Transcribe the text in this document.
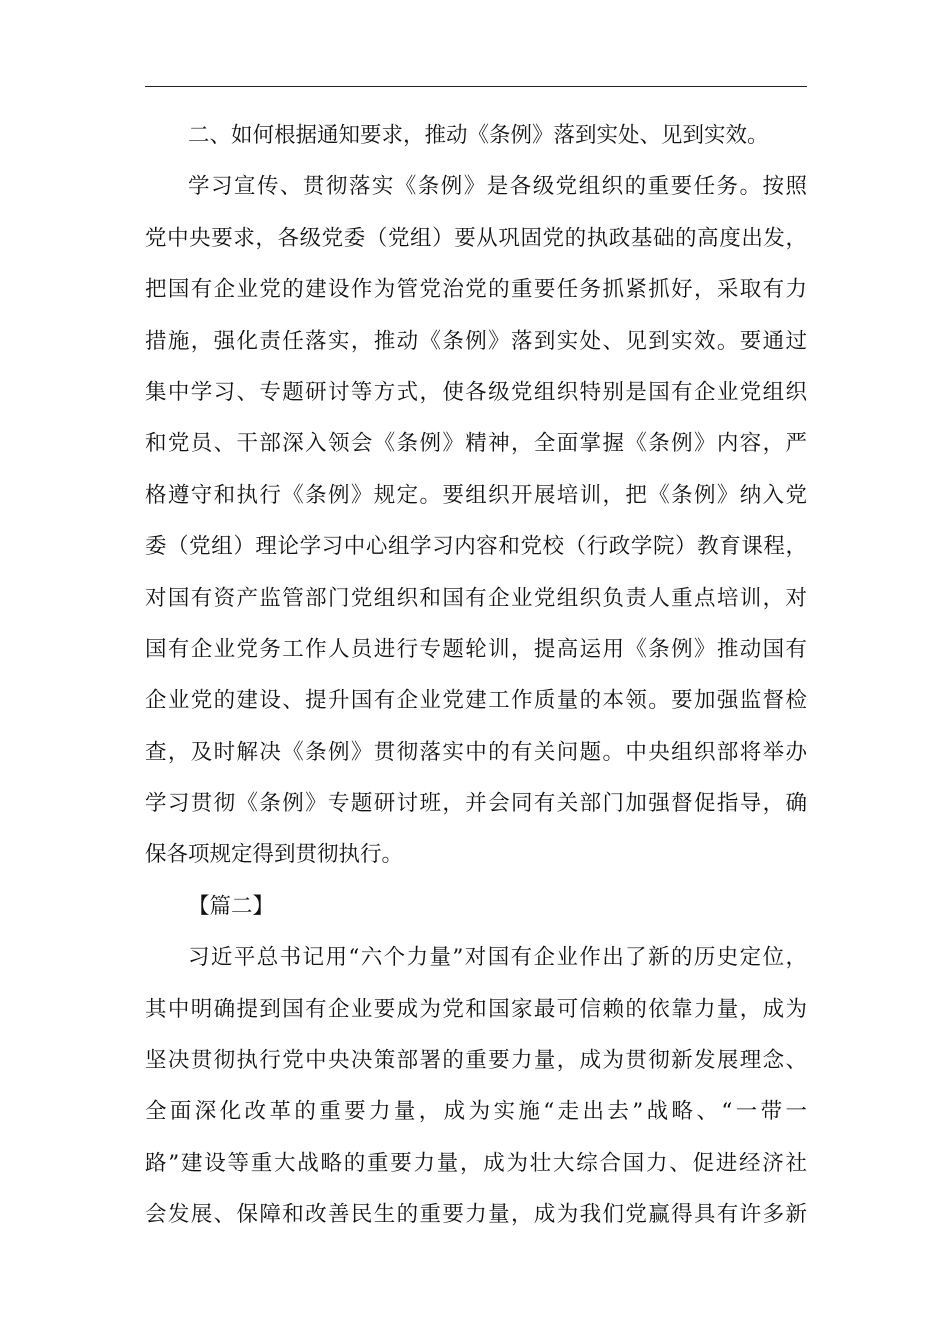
二、如何根据通知要求，推动《条例》落到实处、见到实效。
学习宣传、贯彻落实《条例》是各级党组织的重要任务。按照
党中央要求，各级党委（党组）要从巩固党的执政基础的高度出发，
把国有企业党的建设作为管党治党的重要任务抓紧抓好，采取有力
措施，强化责任落实，推动《条例》落到实处、见到实效。要通过
集中学习、专题研讨等方式，使各级党组织特别是国有企业党组织
和党员、干部深入领会《条例》精神，全面掌握《条例》内容，严
格遵守和执行《条例》规定。要组织开展培训，把《条例》纳入党
委（党组）理论学习中心组学习内容和党校（行政学院）教育课程，
对国有资产监管部门党组织和国有企业党组织负责人重点培训，对
国有企业党务工作人员进行专题轮训，提高运用《条例》推动国有
企业党的建设、提升国有企业党建工作质量的本领。要加强监督检
查，及时解决《条例》贯彻落实中的有关问题。中央组织部将举办
学习贯彻《条例》专题研讨班，并会同有关部门加强督促指导，确
保各项规定得到贯彻执行。
【篇二】
习近平总书记用“六个力量”对国有企业作出了新的历史定位，
其中明确提到国有企业要成为党和国家最可信赖的依靠力量，成为
坚决贯彻执行党中央决策部署的重要力量，成为贯彻新发展理念、
全面深化改革的重要力量，成为实施“走出去”战略、“一带一
路”建设等重大战略的重要力量，成为壮大综合国力、促进经济社
会发展、保障和改善民生的重要力量，成为我们党赢得具有许多新
